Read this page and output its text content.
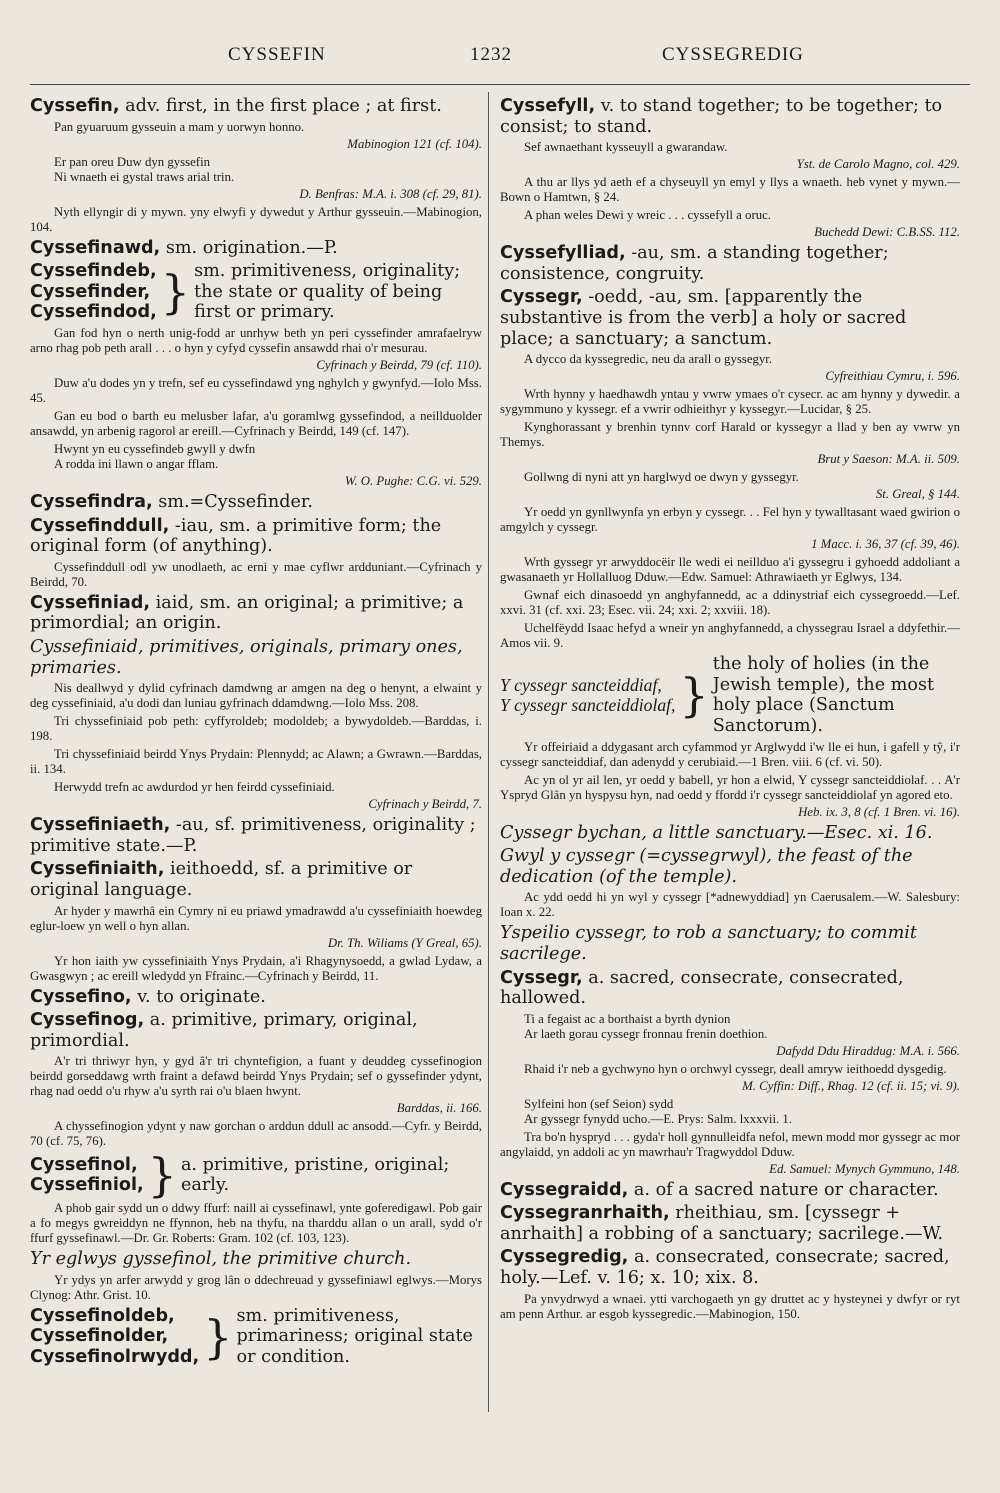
CYSSEFIN	1232	CYSSEGREDIG
Cyssefin, adv. first, in the first place ; at first.
Pan gyuaruum gysseuin a mam y uorwyn honno.
Mabinogion 121 (cf. 104).
Er pan oreu Duw dyn gyssefin
Ni wnaeth ei gystal traws arial trin.
D. Benfras: M.A. i. 308 (cf. 29, 81).
Nyth ellyngir di y mywn. yny elwyfi y dywedut y Arthur gysseuin.—Mabinogion, 104.
Cyssefinawd, sm. origination.—P.
Cyssefindeb,
Cyssefinder,
Cyssefindod, } sm. primitiveness, originality; the state or quality of being first or primary.
Gan fod hyn o nerth unig-fodd ar unrhyw beth yn peri cyssefinder amrafaelryw arno rhag pob peth arall . . . o hyn y cyfyd cyssefin ansawdd rhai o'r mesurau.
Cyfrinach y Beirdd, 79 (cf. 110).
Duw a'u dodes yn y trefn, sef eu cyssefindawd yng nghylch y gwynfyd.—Iolo Mss. 45.
Gan eu bod o barth eu melusber lafar, a'u goramlwg gyssefindod, a neillduolder ansawdd, yn arbenig ragorol ar ereill.—Cyfrinach y Beirdd, 149 (cf. 147).
Hwynt yn eu cyssefindeb gwyll y dwfn
A rodda ini llawn o angar fflam.
W. O. Pughe: C.G. vi. 529.
Cyssefindra, sm.=Cyssefinder.
Cyssefinddull, -iau, sm. a primitive form; the original form (of anything).
Cyssefinddull odl yw unodlaeth, ac erni y mae cyflwr ardduniant.—Cyfrinach y Beirdd, 70.
Cyssefiniad, iaid, sm. an original; a primitive; a primordial; an origin.
Cyssefiniaid, primitives, originals, primary ones, primaries.
Nis deallwyd y dylid cyfrinach damdwng ar amgen na deg o henynt, a elwaint y deg cyssefiniaid, a'u dodi dan luniau gyfrinach ddamdwng.—Iolo Mss. 208.
Tri chyssefiniaid pob peth: cyffyroldeb; modoldeb; a bywydoldeb.—Barddas, i. 198.
Tri chyssefiniaid beirdd Ynys Prydain: Plennydd; ac Alawn; a Gwrawn.—Barddas, ii. 134.
Herwydd trefn ac awdurdod yr hen feirdd cyssefiniaid.
Cyfrinach y Beirdd, 7.
Cyssefiniaeth, -au, sf. primitiveness, originality ; primitive state.—P.
Cyssefiniaith, ieithoedd, sf. a primitive or original language.
Ar hyder y mawrhâ ein Cymry ni eu priawd ymadrawdd a'u cyssefiniaith hoewdeg eglur-loew yn well o hyn allan.
Dr. Th. Wiliams (Y Greal, 65).
Yr hon iaith yw cyssefiniaith Ynys Prydain, a'i Rhagynysoedd, a gwlad Lydaw, a Gwasgwyn ; ac ereill wledydd yn Ffrainc.—Cyfrinach y Beirdd, 11.
Cyssefino, v. to originate.
Cyssefinog, a. primitive, primary, original, primordial.
A'r tri thriwyr hyn, y gyd â'r tri chyntefigion, a fuant y deuddeg cyssefinogion beirdd gorseddawg wrth fraint a defawd beirdd Ynys Prydain; sef o gyssefinder ydynt, rhag nad oedd o'u rhyw a'u syrth rai o'u blaen hwynt.
Barddas, ii. 166.
A chyssefinogion ydynt y naw gorchan o arddun ddull ac ansodd.—Cyfr. y Beirdd, 70 (cf. 75, 76).
Cyssefinol,
Cyssefiniol, } a. primitive, pristine, original; early.
A phob gair sydd un o ddwy ffurf: naill ai cyssefinawl, ynte goferedigawl. Pob gair a fo megys gwreiddyn ne ffynnon, heb na thyfu, na tharddu allan o un arall, sydd o'r ffurf gyssefinawl.—Dr. Gr. Roberts: Gram. 102 (cf. 103, 123).
Yr eglwys gyssefinol, the primitive church.
Yr ydys yn arfer arwydd y grog lân o ddechreuad y gyssefiniawl eglwys.—Morys Clynog: Athr. Grist. 10.
Cyssefinoldeb,
Cyssefinolder,
Cyssefinolrwydd, } sm. primitiveness, primariness; original state or condition.
Cyssefyll, v. to stand together; to be together; to consist; to stand.
Sef awnaethant kysseuyll a gwarandaw.
Yst. de Carolo Magno, col. 429.
A thu ar llys yd aeth ef a chyseuyll yn emyl y llys a wnaeth. heb vynet y mywn.—Bown o Hamtwn, § 24.
A phan weles Dewi y wreic . . . cyssefyll a oruc.
Buchedd Dewi: C.B.SS. 112.
Cyssefylliad, -au, sm. a standing together; consistence, congruity.
Cyssegr, -oedd, -au, sm. [apparently the substantive is from the verb] a holy or sacred place; a sanctuary; a sanctum.
A dycco da kyssegredic, neu da arall o gyssegyr.
Cyfreithiau Cymru, i. 596.
Wrth hynny y haedhawdh yntau y vwrw ymaes o'r cysecr. ac am hynny y dywedir. a sygymmuno y kyssegr. ef a vwrir odhieithyr y kyssegyr.—Lucidar, § 25.
Kynghorassant y brenhin tynnv corf Harald or kyssegyr a llad y ben ay vwrw yn Themys.
Brut y Saeson: M.A. ii. 509.
Gollwng di nyni att yn harglwyd oe dwyn y gyssegyr.
St. Greal, § 144.
Yr oedd yn gynllwynfa yn erbyn y cyssegr. . . Fel hyn y tywalltasant waed gwirion o amgylch y cyssegr.
1 Macc. i. 36, 37 (cf. 39, 46).
Wrth gyssegr yr arwyddocëir lle wedi ei neillduo a'i gyssegru i gyhoedd addoliant a gwasanaeth yr Hollalluog Dduw.—Edw. Samuel: Athrawiaeth yr Eglwys, 134.
Gwnaf eich dinasoedd yn anghyfannedd, ac a ddinystriaf eich cyssegroedd.—Lef. xxvi. 31 (cf. xxi. 23; Esec. vii. 24; xxi. 2; xxviii. 18).
Uchelfëydd Isaac hefyd a wneir yn anghyfannedd, a chyssegrau Israel a ddyfethir.—Amos vii. 9.
Y cyssegr sancteiddiaf,
Y cyssegr sancteiddiolaf, }
the holy of holies (in the Jewish temple), the most holy place (Sanctum Sanctorum).
Yr offeiriaid a ddygasant arch cyfammod yr Arglwydd i'w lle ei hun, i gafell y tŷ, i'r cyssegr sancteiddiaf, dan adenydd y cerubiaid.—1 Bren. viii. 6 (cf. vi. 50).
Ac yn ol yr ail len, yr oedd y babell, yr hon a elwid, Y cyssegr sancteiddiolaf. . . A'r Yspryd Glân yn hyspysu hyn, nad oedd y ffordd i'r cyssegr sancteiddiolaf yn agored eto.
Heb. ix. 3, 8 (cf. 1 Bren. vi. 16).
Cyssegr bychan, a little sanctuary.—Esec. xi. 16.
Gwyl y cyssegr (=cyssegrwyl), the feast of the dedication (of the temple).
Ac ydd oedd hi yn wyl y cyssegr [*adnewyddiad] yn Caerusalem.—W. Salesbury: Ioan x. 22.
Yspeilio cyssegr, to rob a sanctuary; to commit sacrilege.
Cyssegr, a. sacred, consecrate, consecrated, hallowed.
Ti a fegaist ac a borthaist a byrth dynion
Ar laeth gorau cyssegr fronnau frenin doethion.
Dafydd Ddu Hiraddug: M.A. i. 566.
Rhaid i'r neb a gychwyno hyn o orchwyl cyssegr, deall amryw ieithoedd dysgedig.
M. Cyffin: Diff., Rhag. 12 (cf. ii. 15; vi. 9).
Sylfeini hon (sef Seion) sydd
Ar gyssegr fynydd ucho.—E. Prys: Salm. lxxxvii. 1.
Tra bo'n hyspryd . . . gyda'r holl gynnulleidfa nefol, mewn modd mor gyssegr ac mor angylaidd, yn addoli ac yn mawrhau'r Tragwyddol Dduw.
Ed. Samuel: Mynych Gymmuno, 148.
Cyssegraidd, a. of a sacred nature or character.
Cyssegranrhaith, rheithiau, sm. [cyssegr + anrhaith] a robbing of a sanctuary; sacrilege.—W.
Cyssegredig, a. consecrated, consecrate; sacred, holy.—Lef. v. 16; x. 10; xix. 8.
Pa ynvydrwyd a wnaei. ytti varchogaeth yn gy druttet ac y hysteynei y dwfyr or ryt am penn Arthur. ar esgob kyssegredic.—Mabinogion, 150.
